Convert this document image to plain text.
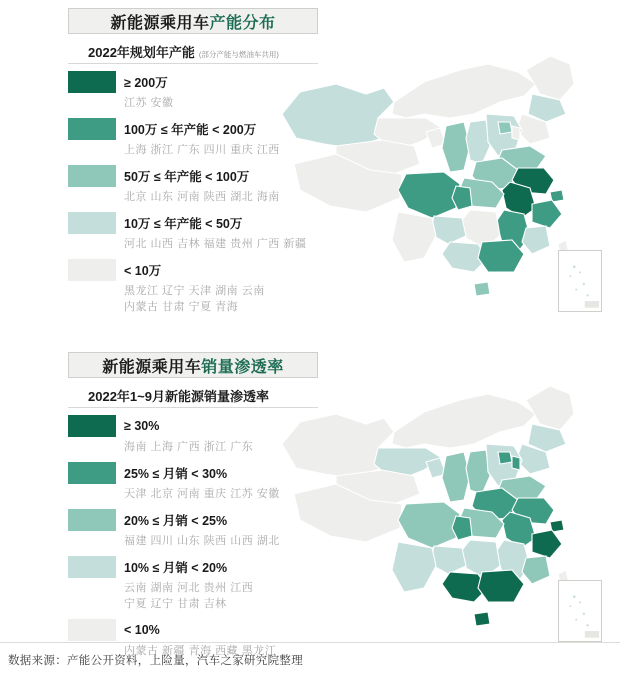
新能源乘用车产能分布
2022年规划年产能 (部分产能与燃油车共用)
≥ 200万
江苏 安徽
100万 ≤ 年产能 < 200万
上海 浙江 广东 四川 重庆 江西
50万 ≤ 年产能 < 100万
北京 山东 河南 陕西 湖北 海南
10万 ≤ 年产能 < 50万
河北 山西 吉林 福建 贵州 广西 新疆
< 10万
黑龙江 辽宁 天津 湖南 云南
内蒙古 甘肃 宁夏 青海
新能源乘用车销量渗透率
2022年1~9月新能源销量渗透率
≥ 30%
海南 上海 广西 浙江 广东
25% ≤ 月销 < 30%
天津 北京 河南 重庆 江苏 安徽
20% ≤ 月销 < 25%
福建 四川 山东 陕西 山西 湖北
10% ≤ 月销 < 20%
云南 湖南 河北 贵州 江西
宁夏 辽宁 甘肃 吉林
< 10%
内蒙古 新疆 青海 西藏 黑龙江
数据来源：产能公开资料，上险量，汽车之家研究院整理
